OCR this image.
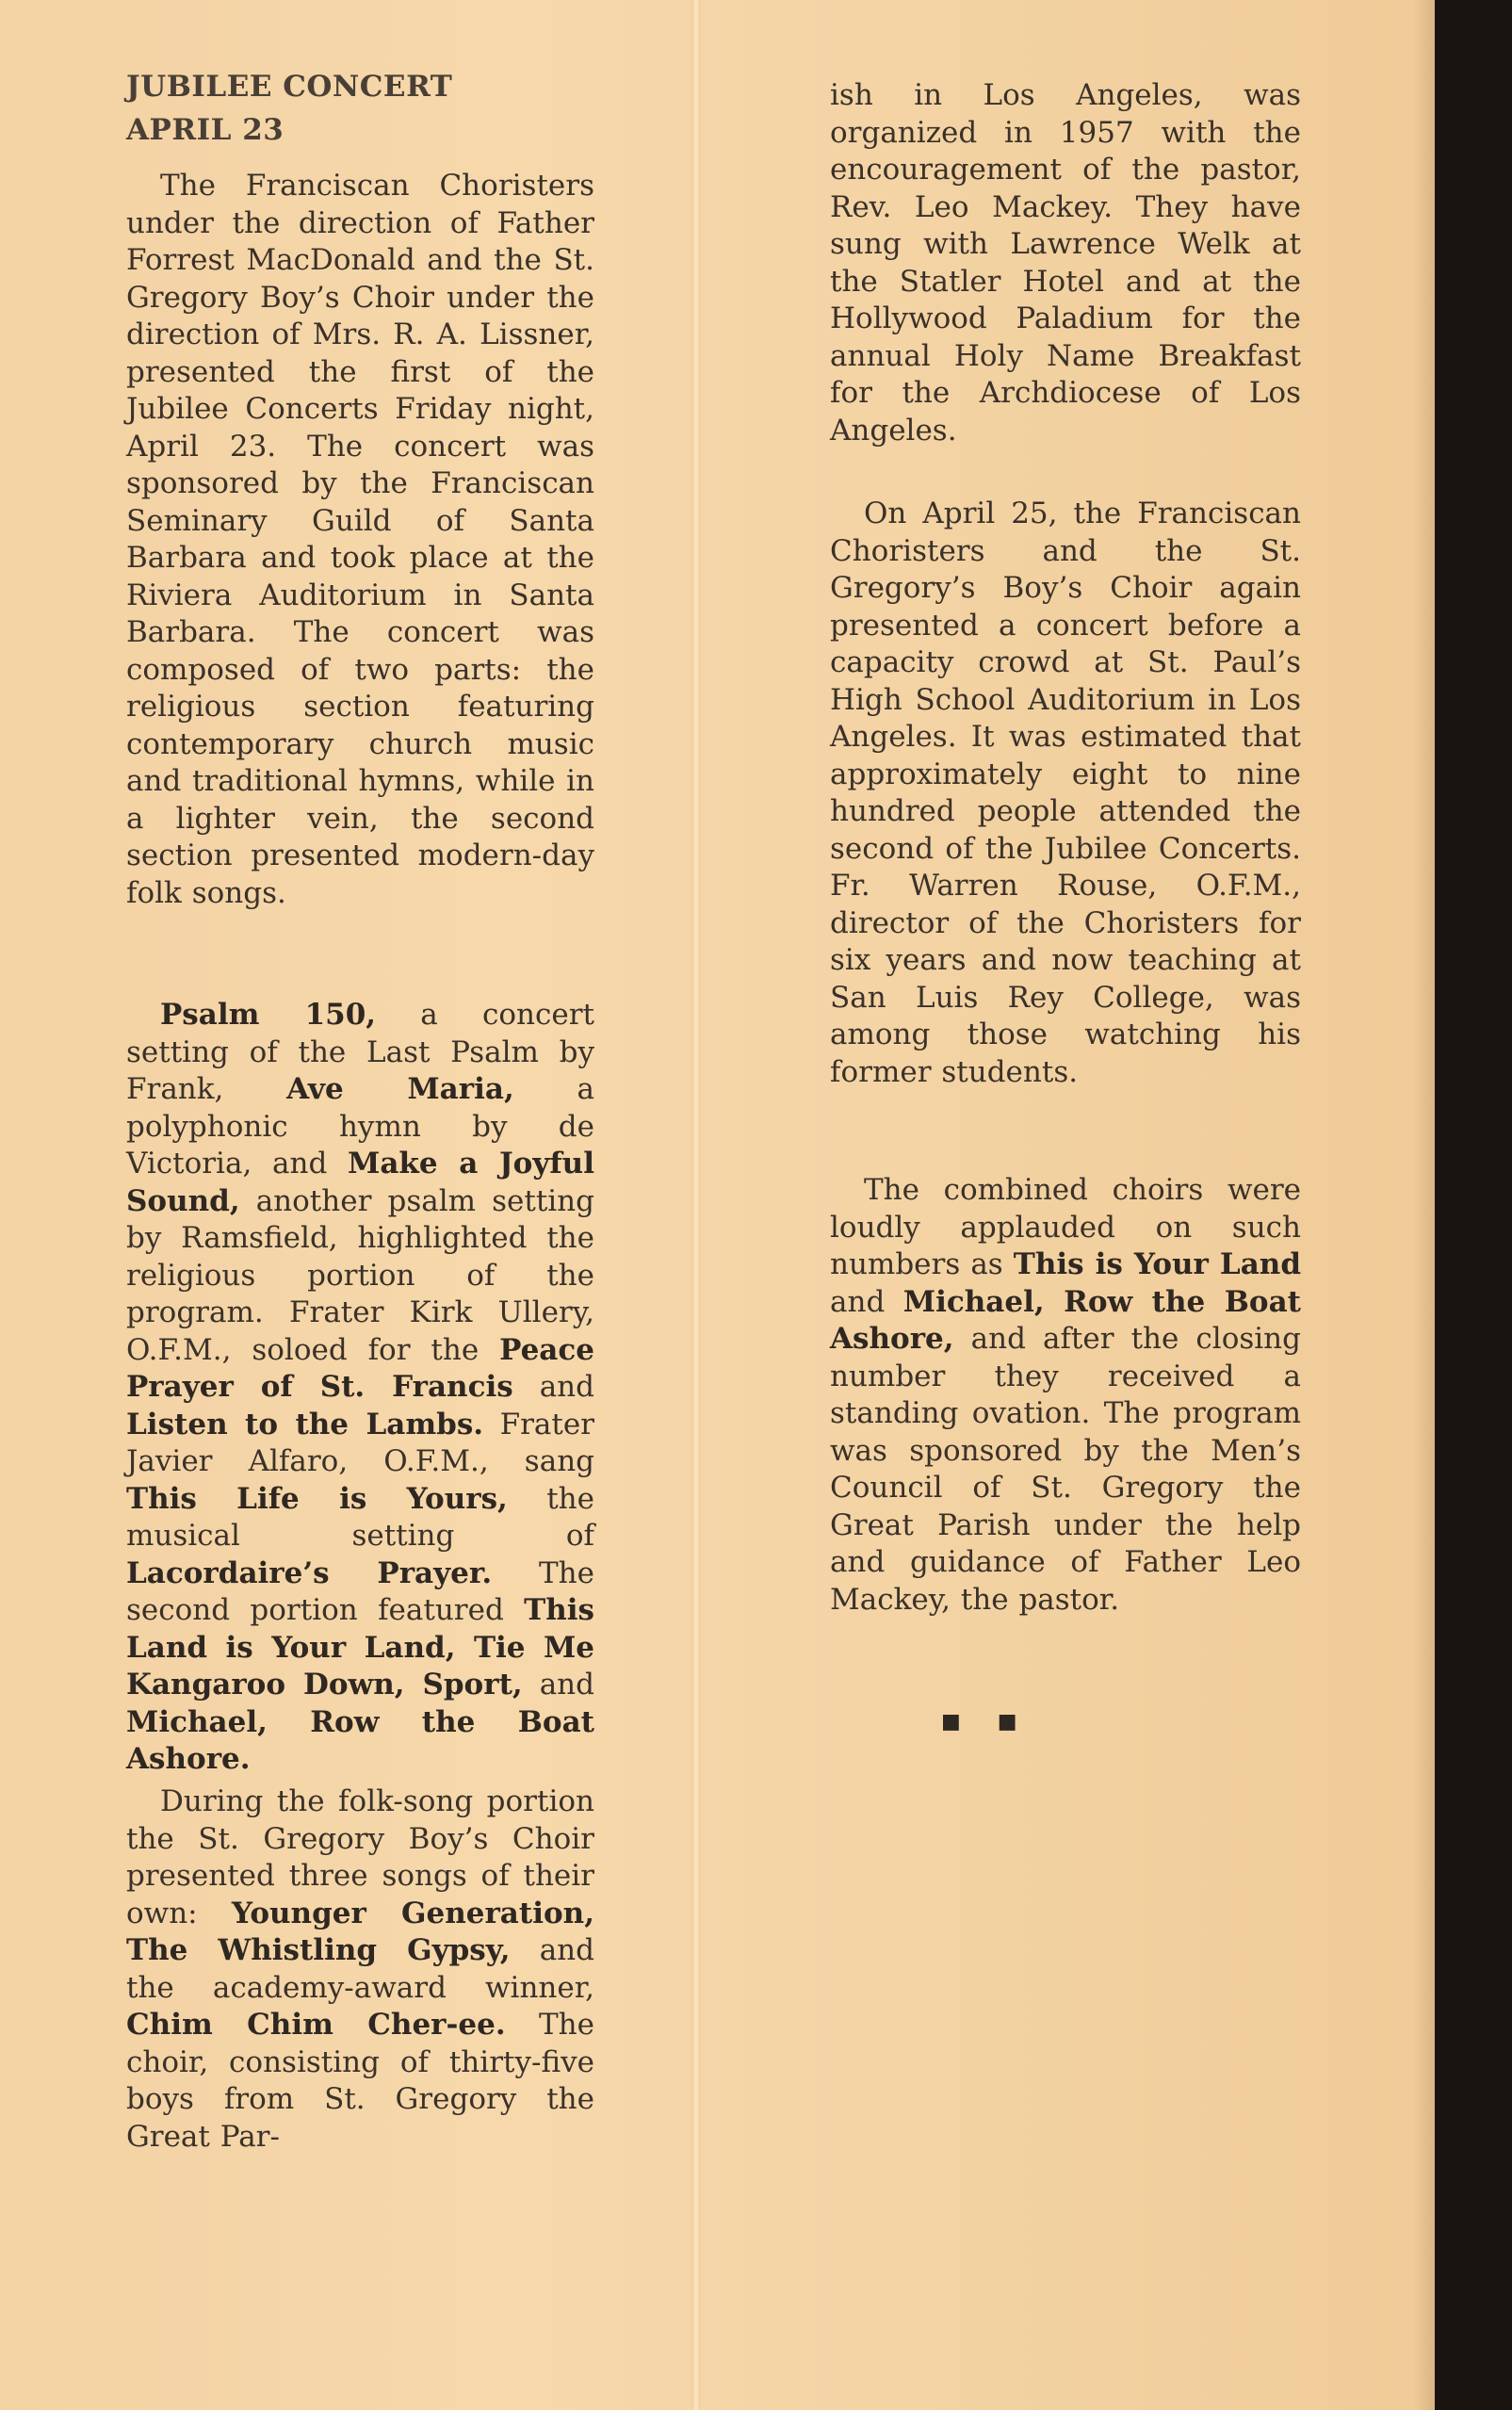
JUBILEE CONCERT
APRIL 23

The Franciscan Choristers under the direction of Father Forrest MacDonald and the St. Gregory Boy’s Choir under the direction of Mrs. R. A. Lissner, presented the first of the Jubilee Concerts Friday night, April 23. The concert was sponsored by the Franciscan Seminary Guild of Santa Barbara and took place at the Riviera Auditorium in Santa Barbara. The concert was composed of two parts: the religious section featuring contemporary church music and traditional hymns, while in a lighter vein, the second section presented modern-day folk songs.

Psalm 150, a concert setting of the Last Psalm by Frank, Ave Maria, a polyphonic hymn by de Victoria, and Make a Joyful Sound, another psalm setting by Ramsfield, highlighted the religious portion of the program. Frater Kirk Ullery, O.F.M., soloed for the Peace Prayer of St. Francis and Listen to the Lambs. Frater Javier Alfaro, O.F.M., sang This Life is Yours, the musical setting of Lacordaire’s Prayer. The second portion featured This Land is Your Land, Tie Me Kangaroo Down, Sport, and Michael, Row the Boat Ashore.

During the folk-song portion the St. Gregory Boy’s Choir presented three songs of their own: Younger Generation, The Whistling Gypsy, and the academy-award winner, Chim Chim Cher-ee. The choir, consisting of thirty-five boys from St. Gregory the Great Par-

ish in Los Angeles, was organized in 1957 with the encouragement of the pastor, Rev. Leo Mackey. They have sung with Lawrence Welk at the Statler Hotel and at the Hollywood Paladium for the annual Holy Name Breakfast for the Archdiocese of Los Angeles.

On April 25, the Franciscan Choristers and the St. Gregory’s Boy’s Choir again presented a concert before a capacity crowd at St. Paul’s High School Auditorium in Los Angeles. It was estimated that approximately eight to nine hundred people attended the second of the Jubilee Concerts. Fr. Warren Rouse, O.F.M., director of the Choristers for six years and now teaching at San Luis Rey College, was among those watching his former students.

The combined choirs were loudly applauded on such numbers as This is Your Land and Michael, Row the Boat Ashore, and after the closing number they received a standing ovation. The program was sponsored by the Men’s Council of St. Gregory the Great Parish under the help and guidance of Father Leo Mackey, the pastor.

■ ■
